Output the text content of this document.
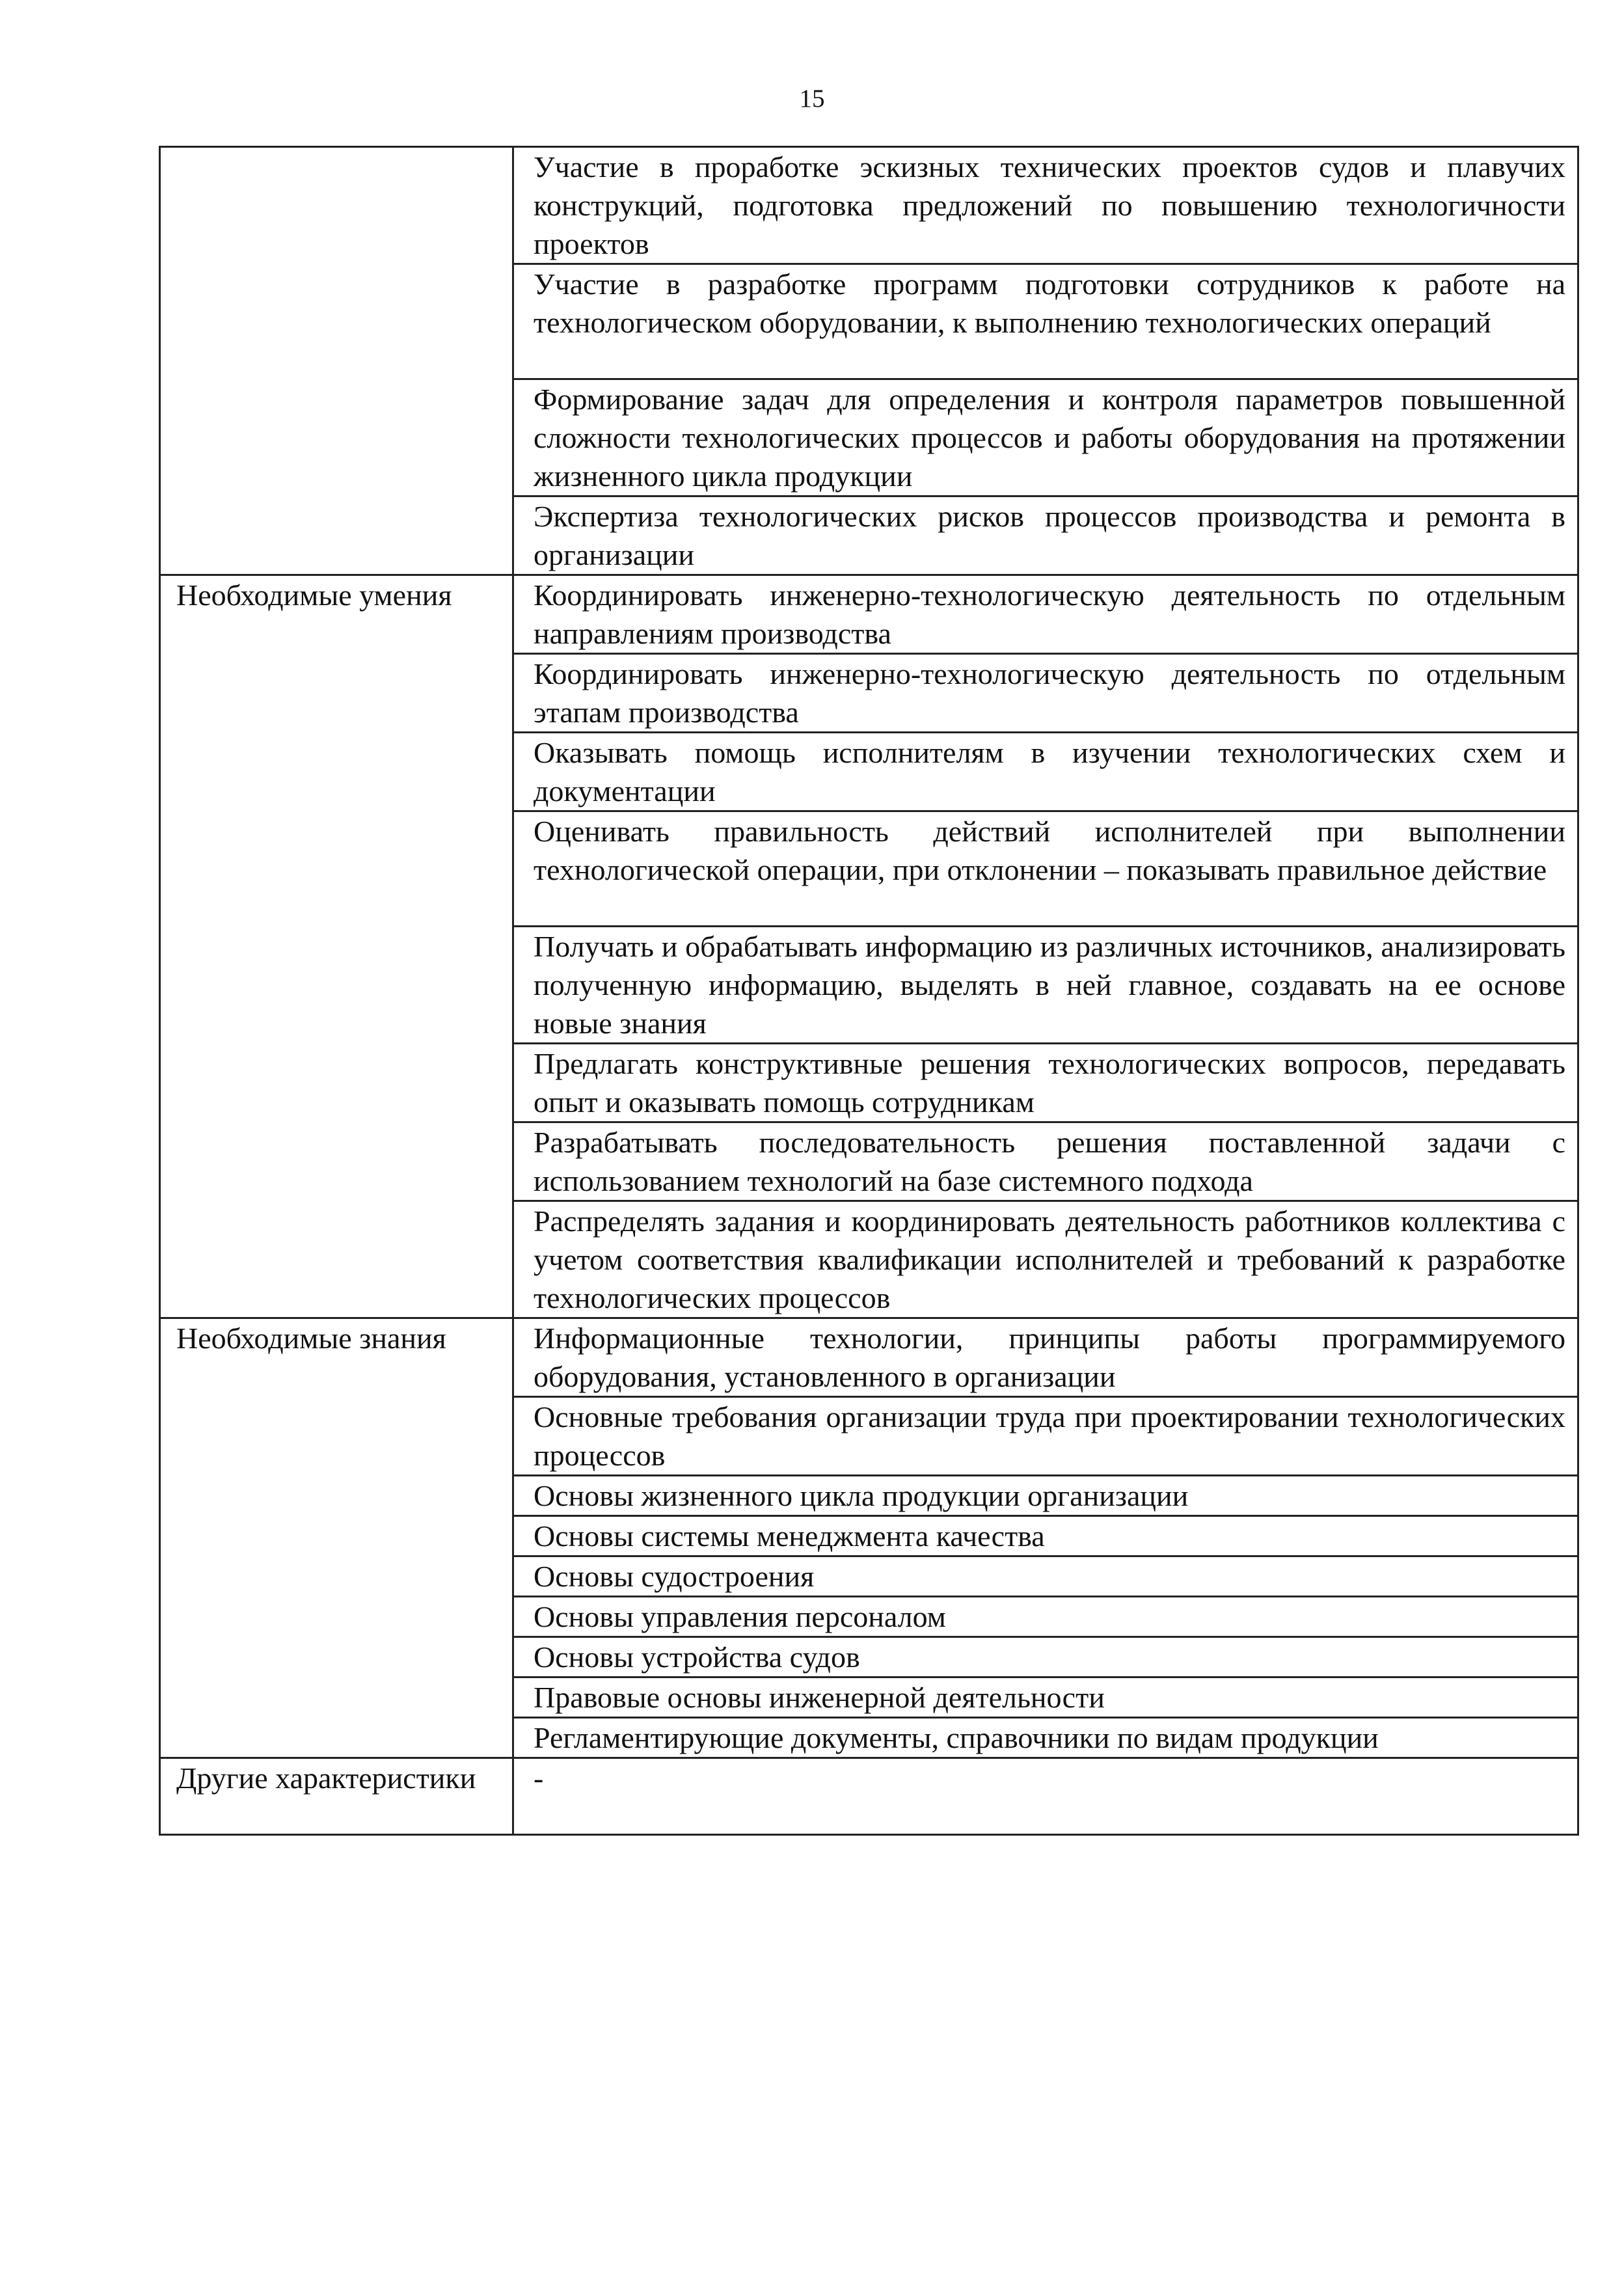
15
	Участие в проработке эскизных технических проектов судов и плавучих конструкций, подготовка предложений по повышению технологичности проектов
	Участие в разработке программ подготовки сотрудников к работе на технологическом оборудовании, к выполнению технологических операций
	Формирование задач для определения и контроля параметров повышенной сложности технологических процессов и работы оборудования на протяжении жизненного цикла продукции
	Экспертиза технологических рисков процессов производства и ремонта в организации
Необходимые умения	Координировать инженерно-технологическую деятельность по отдельным направлениям производства
	Координировать инженерно-технологическую деятельность по отдельным этапам производства
	Оказывать помощь исполнителям в изучении технологических схем и документации
	Оценивать правильность действий исполнителей при выполнении технологической операции, при отклонении – показывать правильное действие
	Получать и обрабатывать информацию из различных источников, анализировать полученную информацию, выделять в ней главное, создавать на ее основе новые знания
	Предлагать конструктивные решения технологических вопросов, передавать опыт и оказывать помощь сотрудникам
	Разрабатывать последовательность решения поставленной задачи с использованием технологий на базе системного подхода
	Распределять задания и координировать деятельность работников коллектива с учетом соответствия квалификации исполнителей и требований к разработке технологических процессов
Необходимые знания	Информационные технологии, принципы работы программируемого оборудования, установленного в организации
	Основные требования организации труда при проектировании технологических процессов
	Основы жизненного цикла продукции организации
	Основы системы менеджмента качества
	Основы судостроения
	Основы управления персоналом
	Основы устройства судов
	Правовые основы инженерной деятельности
	Регламентирующие документы, справочники по видам продукции
Другие характеристики	-
